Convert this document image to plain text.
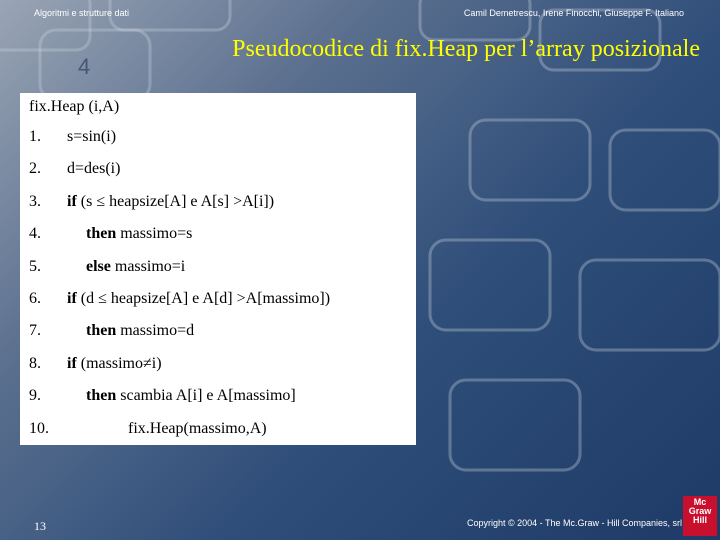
4
Algoritmi e strutture dati	Camil Demetrescu, Irene Finocchi, Giuseppe F. Italiano
Pseudocodice di fix.Heap per l’array posizionale
fix.Heap (i,A)
1. s=sin(i)
2. d=des(i)
3. if (s ≤ heapsize[A] e A[s] >A[i])
4.	then massimo=s
5.	else massimo=i
6. if (d ≤ heapsize[A] e A[d] >A[massimo])
7.	then massimo=d
8. if (massimo≠i)
9.	then scambia A[i] e A[massimo]
10.	fix.Heap(massimo,A)
13	Copyright © 2004 - The Mc.Graw - Hill Companies, srl
Mc
Graw
Hill
